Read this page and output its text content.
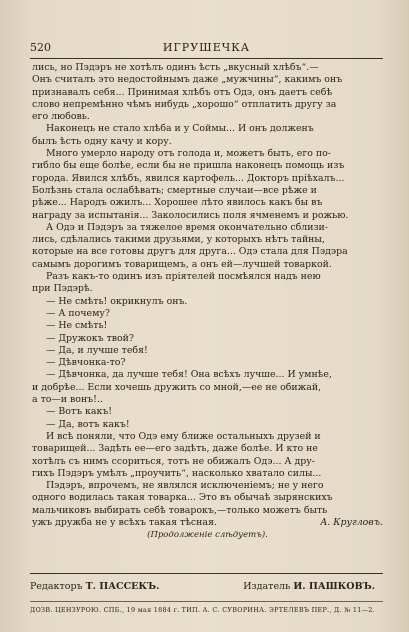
520	ИГРУШЕЧКА
лись, но Пэдэръ не хотѣлъ одинъ ѣсть „вкусный хлѣбъ“.—
Онъ считалъ это недостойнымъ даже „мужчины“, какимъ онъ
признавалъ себя... Принимая хлѣбъ отъ Одэ, онъ даетъ себѣ
слово непремѣнно чѣмъ нибудь „хорошо“ отплатить другу за
его любовь.
Наконецъ не стало хлѣба и у Соймы... И онъ долженъ
былъ ѣсть одну качу и кору.
Много умерло народу отъ голода и, можетъ быть, его по-
гибло бы еще болѣе, если бы не пришла наконецъ помощь изъ
города. Явился хлѣбъ, явился картофель... Докторъ пріѣхалъ...
Болѣзнь стала ослабѣвать; смертные случаи—все рѣже и
рѣже... Народъ ожилъ... Хорошее лѣто явилось какъ бы въ
награду за испытанія... Заколосились поля ячменемъ и рожью.
А Одэ и Пэдэръ за тяжелое время окончательно сблизи-
лись, сдѣлались такими друзьями, у которыхъ нѣтъ тайны,
которые на все готовы другъ для друга... Одэ стала для Пэдэра
самымъ дорогимъ товарищемъ, а онъ ей—лучшей товаркой.
Разъ какъ-то одинъ изъ пріятелей посмѣялся надъ нею
при Пэдэрѣ.
— Не смѣть! окрикнулъ онъ.
— А почему?
— Не смѣть!
— Дружокъ твой?
— Да, и лучше тебя!
— Дѣвчонка-то?
— Дѣвчонка, да лучше тебя! Она всѣхъ лучше... И умнѣе,
и добрѣе... Если хочешь дружить со мной,—ее не обижай,
а то—и вонъ!..
— Вотъ какъ!
— Да, вотъ какъ!
И всѣ поняли, что Одэ ему ближе остальныхъ друзей и
товарищей... Задѣть ее—его задѣть, даже болѣе. И кто не
хотѣлъ съ нимъ ссориться, тотъ не обижалъ Одэ... А дру-
гихъ Пэдэръ умѣлъ „проучить“, насколько хватало силы...
Пэдэръ, впрочемъ, не являлся исключеніемъ; не у него
одного водилась такая товарка... Это въ обычаѣ зырянскихъ
мальчиковъ выбирать себѣ товарокъ,—только можетъ быть
ужъ дружба не у всѣхъ такая тѣсная.	А. Кругловъ.
(Продолженіе слѣдуетъ).
Редакторъ Т. ПАССЕКЪ.	Издатель И. ПАШКОВЪ.
ДОЗВ. ЦЕНЗУРОЮ. СПБ., 19 мая 1884 г. ТИП. А. С. СУВОРИНА. ЭРТЕЛЕВЪ ПЕР., Д. № 11—2.
